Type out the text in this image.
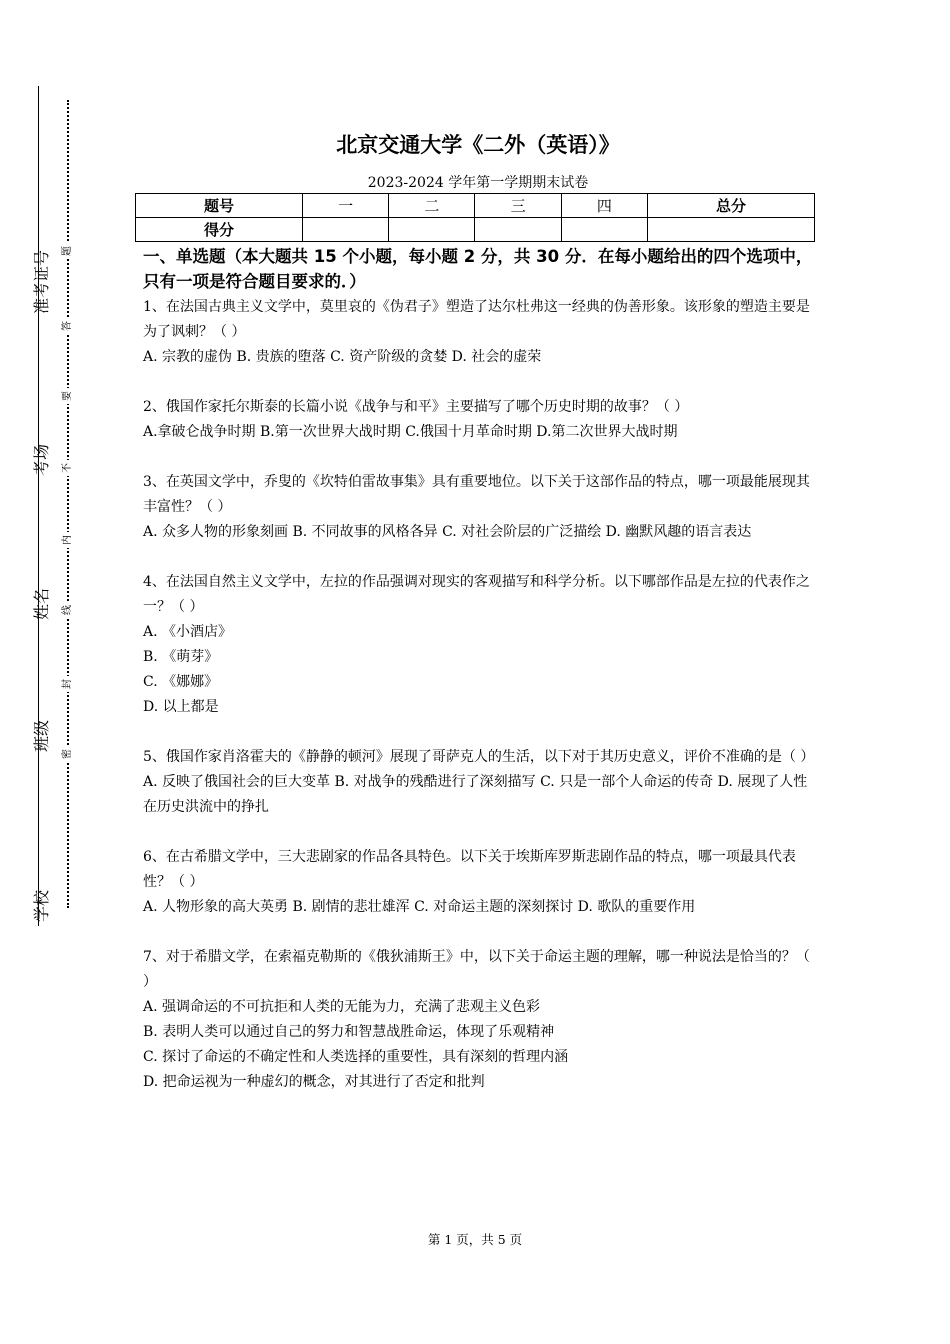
准考证号
考场
姓名
班级
学校
题
答
要
不
内
线
封
密
北京交通大学《二外（英语）》
2023-2024 学年第一学期期末试卷
题号	一	二	三	四	总分
得分					
一、单选题（本大题共 15 个小题，每小题 2 分，共 30 分．在每小题给出的四个选项中，只有一项是符合题目要求的．）

1、在法国古典主义文学中，莫里哀的《伪君子》塑造了达尔杜弗这一经典的伪善形象。该形象的塑造主要是为了讽刺？（ ）

A. 宗教的虚伪 B. 贵族的堕落 C. 资产阶级的贪婪 D. 社会的虚荣

2、俄国作家托尔斯泰的长篇小说《战争与和平》主要描写了哪个历史时期的故事？（ ）

A.拿破仑战争时期 B.第一次世界大战时期 C.俄国十月革命时期 D.第二次世界大战时期

3、在英国文学中，乔叟的《坎特伯雷故事集》具有重要地位。以下关于这部作品的特点，哪一项最能展现其丰富性？（ ）

A. 众多人物的形象刻画 B. 不同故事的风格各异 C. 对社会阶层的广泛描绘 D. 幽默风趣的语言表达

4、在法国自然主义文学中，左拉的作品强调对现实的客观描写和科学分析。以下哪部作品是左拉的代表作之一？（ ）

A. 《小酒店》

B. 《萌芽》

C. 《娜娜》

D. 以上都是

5、俄国作家肖洛霍夫的《静静的顿河》展现了哥萨克人的生活，以下对于其历史意义，评价不准确的是（ ）

A. 反映了俄国社会的巨大变革 B. 对战争的残酷进行了深刻描写 C. 只是一部个人命运的传奇 D. 展现了人性在历史洪流中的挣扎

6、在古希腊文学中，三大悲剧家的作品各具特色。以下关于埃斯库罗斯悲剧作品的特点，哪一项最具代表性？（ ）

A. 人物形象的高大英勇 B. 剧情的悲壮雄浑 C. 对命运主题的深刻探讨 D. 歌队的重要作用

7、对于希腊文学，在索福克勒斯的《俄狄浦斯王》中，以下关于命运主题的理解，哪一种说法是恰当的？（ ）

A. 强调命运的不可抗拒和人类的无能为力，充满了悲观主义色彩

B. 表明人类可以通过自己的努力和智慧战胜命运，体现了乐观精神

C. 探讨了命运的不确定性和人类选择的重要性，具有深刻的哲理内涵

D. 把命运视为一种虚幻的概念，对其进行了否定和批判

第 1 页，共 5 页
